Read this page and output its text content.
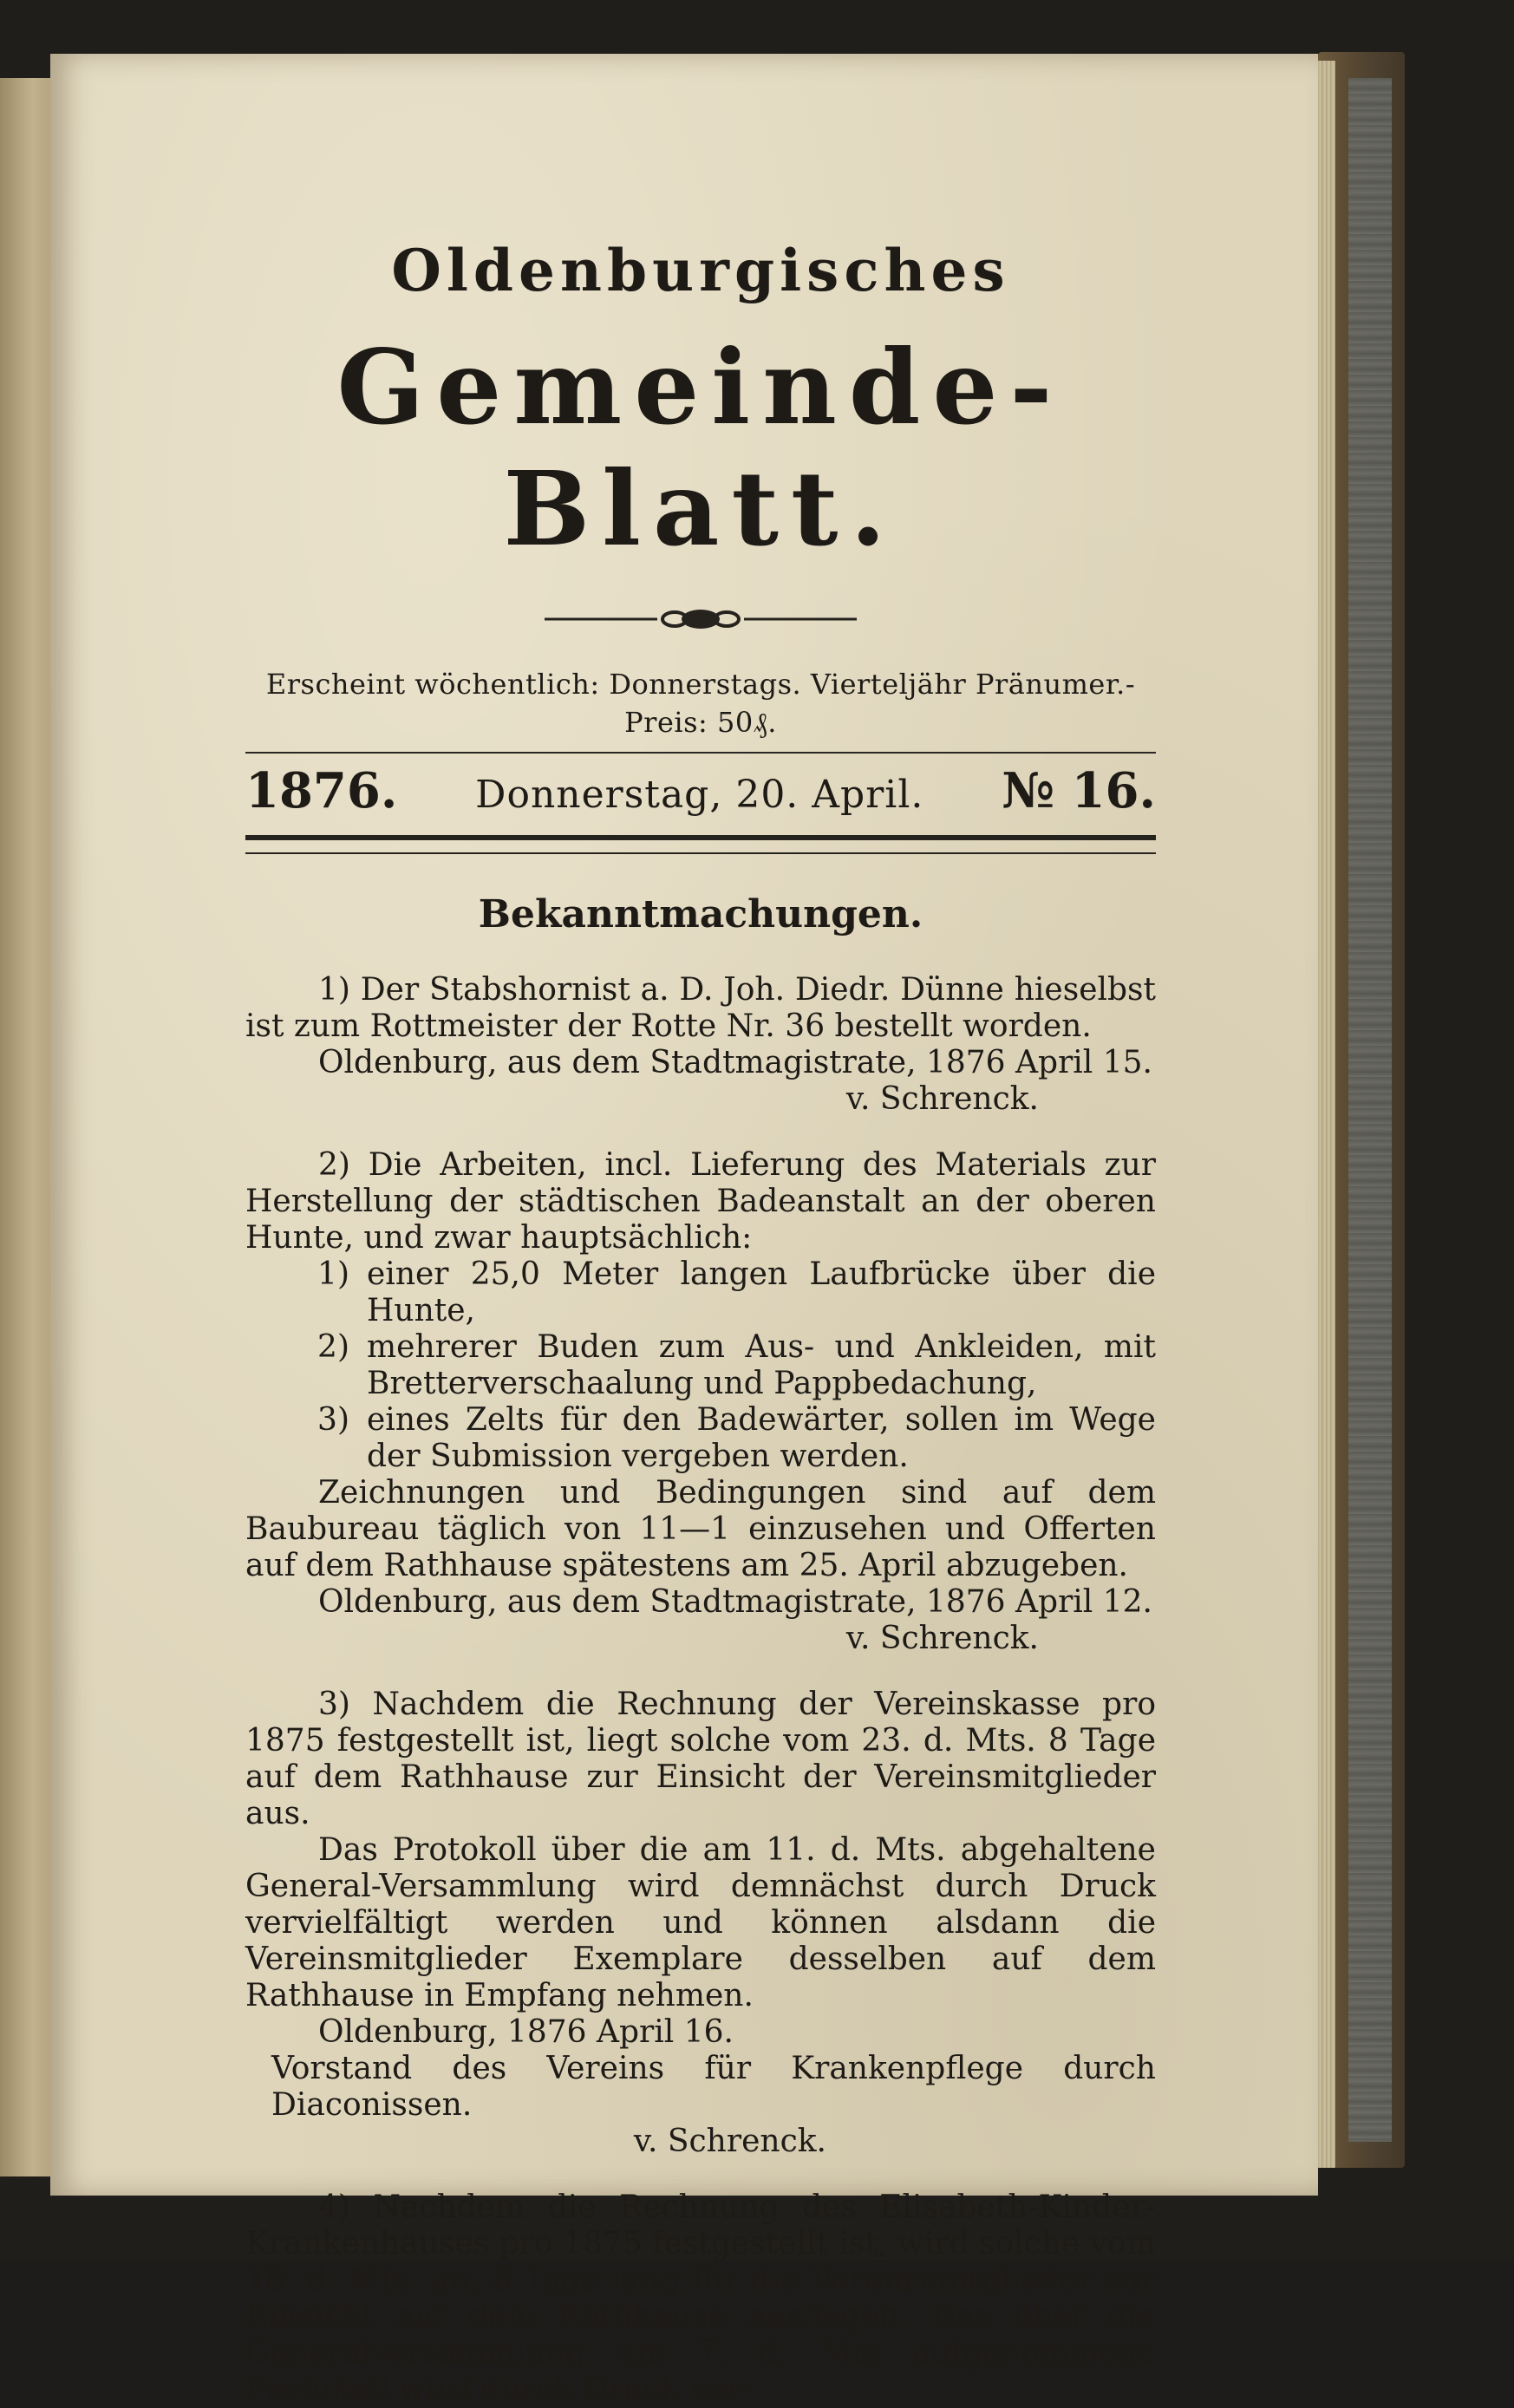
Oldenburgisches
Gemeinde-Blatt.
Erscheint wöchentlich: Donnerstags. Vierteljähr Pränumer.-Preis: 50₰.
1876. Donnerstag, 20. April. № 16.
Bekanntmachungen.

1) Der Stabshornist a. D. Joh. Diedr. Dünne hieselbst ist zum Rottmeister der Rotte Nr. 36 bestellt worden.

Oldenburg, aus dem Stadtmagistrate, 1876 April 15.

v. Schrenck.

2) Die Arbeiten, incl. Lieferung des Materials zur Herstellung der städtischen Badeanstalt an der oberen Hunte, und zwar hauptsächlich:

1) einer 25,0 Meter langen Laufbrücke über die Hunte,
2) mehrerer Buden zum Aus- und Ankleiden, mit Bretterverschaalung und Pappbedachung,
3) eines Zelts für den Badewärter, sollen im Wege der Submission vergeben werden.

Zeichnungen und Bedingungen sind auf dem Baubureau täglich von 11—1 einzusehen und Offerten auf dem Rathhause spätestens am 25. April abzugeben.

Oldenburg, aus dem Stadtmagistrate, 1876 April 12.

v. Schrenck.

3) Nachdem die Rechnung der Vereinskasse pro 1875 festgestellt ist, liegt solche vom 23. d. Mts. 8 Tage auf dem Rathhause zur Einsicht der Vereinsmitglieder aus.

Das Protokoll über die am 11. d. Mts. abgehaltene General-Versammlung wird demnächst durch Druck vervielfältigt werden und können alsdann die Vereinsmitglieder Exemplare desselben auf dem Rathhause in Empfang nehmen.

Oldenburg, 1876 April 16.

Vorstand des Vereins für Krankenpflege durch Diaconissen.

v. Schrenck.

4) Nachdem die Rechnung des Elisabeth-Kinder-Krankenhauses pro 1875 festgestellt ist, wird solche vom 18. d. Mts. an, 8 Tage lang für die Vereinsmitglieder zur Einsicht auf dem Rathhause ausliegen. Das über die Generalversammlung am 7. d. Mts aufgenommene Protokoll wird durch Druck ver-
